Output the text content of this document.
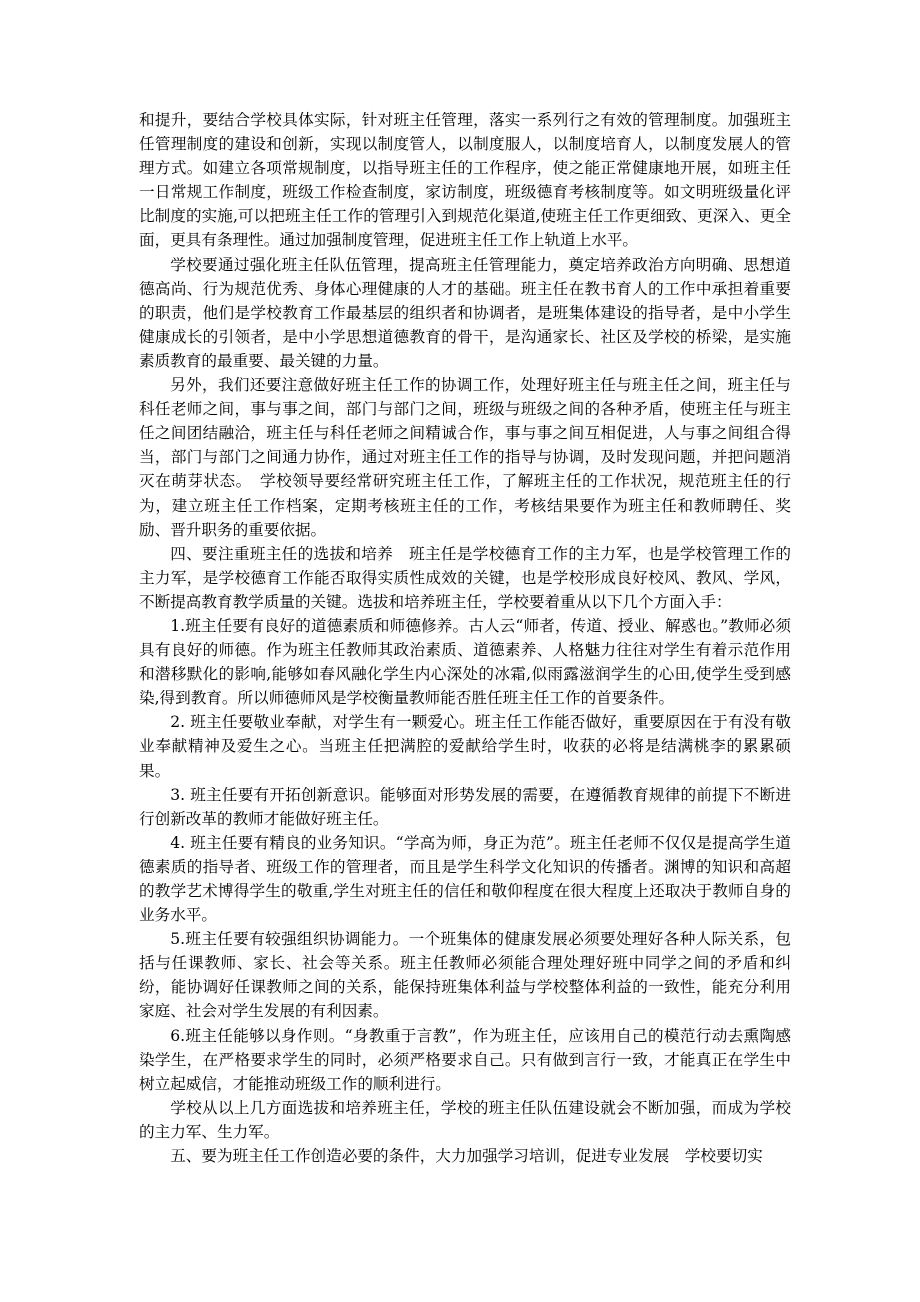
和提升，要结合学校具体实际，针对班主任管理，落实一系列行之有效的管理制度。加强班主任管理制度的建设和创新，实现以制度管人，以制度服人，以制度培育人，以制度发展人的管理方式。如建立各项常规制度，以指导班主任的工作程序，使之能正常健康地开展，如班主任一日常规工作制度，班级工作检查制度，家访制度，班级德育考核制度等。如文明班级量化评比制度的实施,可以把班主任工作的管理引入到规范化渠道,使班主任工作更细致、更深入、更全面，更具有条理性。通过加强制度管理，促进班主任工作上轨道上水平。

学校要通过强化班主任队伍管理，提高班主任管理能力，奠定培养政治方向明确、思想道德高尚、行为规范优秀、身体心理健康的人才的基础。班主任在教书育人的工作中承担着重要的职责，他们是学校教育工作最基层的组织者和协调者，是班集体建设的指导者，是中小学生健康成长的引领者，是中小学思想道德教育的骨干，是沟通家长、社区及学校的桥梁，是实施素质教育的最重要、最关键的力量。

另外，我们还要注意做好班主任工作的协调工作，处理好班主任与班主任之间，班主任与科任老师之间，事与事之间，部门与部门之间，班级与班级之间的各种矛盾，使班主任与班主任之间团结融洽，班主任与科任老师之间精诚合作，事与事之间互相促进，人与事之间组合得当，部门与部门之间通力协作，通过对班主任工作的指导与协调，及时发现问题，并把问题消灭在萌芽状态。　学校领导要经常研究班主任工作，了解班主任的工作状况，规范班主任的行为，建立班主任工作档案，定期考核班主任的工作，考核结果要作为班主任和教师聘任、奖励、晋升职务的重要依据。

四、要注重班主任的选拔和培养　班主任是学校德育工作的主力军，也是学校管理工作的主力军，是学校德育工作能否取得实质性成效的关键，也是学校形成良好校风、教风、学风，不断提高教育教学质量的关键。选拔和培养班主任，学校要着重从以下几个方面入手：

1.班主任要有良好的道德素质和师德修养。古人云“师者，传道、授业、解惑也。”教师必须具有良好的师德。作为班主任教师其政治素质、道德素养、人格魅力往往对学生有着示范作用和潜移默化的影响,能够如春风融化学生内心深处的冰霜,似雨露滋润学生的心田,使学生受到感染,得到教育。所以师德师风是学校衡量教师能否胜任班主任工作的首要条件。

2. 班主任要敬业奉献，对学生有一颗爱心。班主任工作能否做好，重要原因在于有没有敬业奉献精神及爱生之心。当班主任把满腔的爱献给学生时，收获的必将是结满桃李的累累硕果。

3. 班主任要有开拓创新意识。能够面对形势发展的需要，在遵循教育规律的前提下不断进行创新改革的教师才能做好班主任。

4. 班主任要有精良的业务知识。“学高为师，身正为范”。班主任老师不仅仅是提高学生道德素质的指导者、班级工作的管理者，而且是学生科学文化知识的传播者。渊博的知识和高超的教学艺术博得学生的敬重,学生对班主任的信任和敬仰程度在很大程度上还取决于教师自身的业务水平。

5.班主任要有较强组织协调能力。一个班集体的健康发展必须要处理好各种人际关系，包括与任课教师、家长、社会等关系。班主任教师必须能合理处理好班中同学之间的矛盾和纠纷，能协调好任课教师之间的关系，能保持班集体利益与学校整体利益的一致性，能充分利用家庭、社会对学生发展的有利因素。

6.班主任能够以身作则。“身教重于言教”，作为班主任，应该用自己的模范行动去熏陶感染学生，在严格要求学生的同时，必须严格要求自己。只有做到言行一致，才能真正在学生中树立起威信，才能推动班级工作的顺利进行。

学校从以上几方面选拔和培养班主任，学校的班主任队伍建设就会不断加强，而成为学校的主力军、生力军。

五、要为班主任工作创造必要的条件，大力加强学习培训，促进专业发展　学校要切实
